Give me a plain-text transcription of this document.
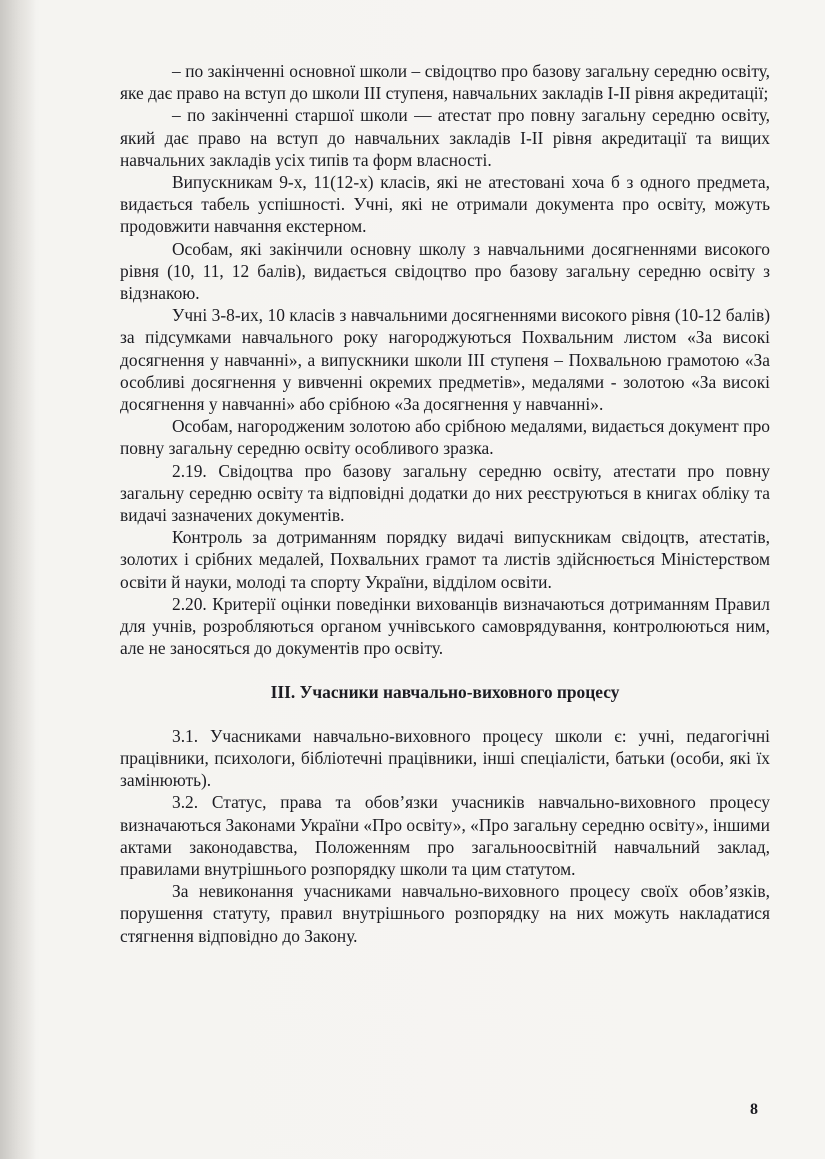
– по закінченні основної школи – свідоцтво про базову загальну середню освіту, яке дає право на вступ до школи III ступеня, навчальних закладів І-ІІ рівня акредитації;

– по закінченні старшої школи — атестат про повну загальну середню освіту, який дає право на вступ до навчальних закладів І-ІІ рівня акредитації та вищих навчальних закладів усіх типів та форм власності.

Випускникам 9-х, 11(12-х) класів, які не атестовані хоча б з одного предмета, видається табель успішності. Учні, які не отримали документа про освіту, можуть продовжити навчання екстерном.

Особам, які закінчили основну школу з навчальними досягненнями високого рівня (10, 11, 12 балів), видається свідоцтво про базову загальну середню освіту з відзнакою.

Учні 3-8-их, 10 класів з навчальними досягненнями високого рівня (10-12 балів) за підсумками навчального року нагороджуються Похвальним листом «За високі досягнення у навчанні», а випускники школи III ступеня – Похвальною грамотою «За особливі досягнення у вивченні окремих предметів», медалями - золотою «За високі досягнення у навчанні» або срібною «За досягнення у навчанні».

Особам, нагородженим золотою або срібною медалями, видається документ про повну загальну середню освіту особливого зразка.

2.19. Свідоцтва про базову загальну середню освіту, атестати про повну загальну середню освіту та відповідні додатки до них реєструються в книгах обліку та видачі зазначених документів.

Контроль за дотриманням порядку видачі випускникам свідоцтв, атестатів, золотих і срібних медалей, Похвальних грамот та листів здійснюється Міністерством освіти й науки, молоді та спорту України, відділом освіти.

2.20. Критерії оцінки поведінки вихованців визначаються дотриманням Правил для учнів, розробляються органом учнівського самоврядування, контролюються ним, але не заносяться до документів про освіту.

III. Учасники навчально-виховного процесу

3.1. Учасниками навчально-виховного процесу школи є: учні, педагогічні працівники, психологи, бібліотечні працівники, інші спеціалісти, батьки (особи, які їх замінюють).

3.2. Статус, права та обов’язки учасників навчально-виховного процесу визначаються Законами України «Про освіту», «Про загальну середню освіту», іншими актами законодавства, Положенням про загальноосвітній навчальний заклад, правилами внутрішнього розпорядку школи та цим статутом.

За невиконання учасниками навчально-виховного процесу своїх обов’язків, порушення статуту, правил внутрішнього розпорядку на них можуть накладатися стягнення відповідно до Закону.

8
